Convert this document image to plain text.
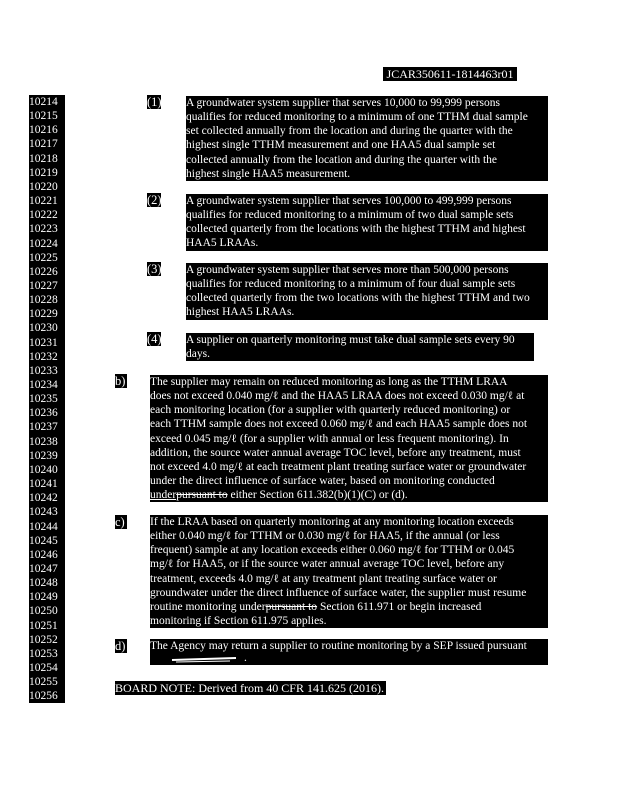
JCAR350611-1814463r01
10214
10215
10216
10217
10218
10219
10220
10221
10222
10223
10224
10225
10226
10227
10228
10229
10230
10231
10232
10233
10234
10235
10236
10237
10238
10239
10240
10241
10242
10243
10244
10245
10246
10247
10248
10249
10250
10251
10252
10253
10254
10255
10256
(1) A groundwater system supplier that serves 10,000 to 99,999 persons
qualifies for reduced monitoring to a minimum of one TTHM dual sample
set collected annually from the location and during the quarter with the
highest single TTHM measurement and one HAA5 dual sample set
collected annually from the location and during the quarter with the
highest single HAA5 measurement.
(2) A groundwater system supplier that serves 100,000 to 499,999 persons
qualifies for reduced monitoring to a minimum of two dual sample sets
collected quarterly from the locations with the highest TTHM and highest
HAA5 LRAAs.
(3) A groundwater system supplier that serves more than 500,000 persons
qualifies for reduced monitoring to a minimum of four dual sample sets
collected quarterly from the two locations with the highest TTHM and two
highest HAA5 LRAAs.
(4) A supplier on quarterly monitoring must take dual sample sets every 90
days.
b) The supplier may remain on reduced monitoring as long as the TTHM LRAA
does not exceed 0.040 mg/ℓ and the HAA5 LRAA does not exceed 0.030 mg/ℓ at
each monitoring location (for a supplier with quarterly reduced monitoring) or
each TTHM sample does not exceed 0.060 mg/ℓ and each HAA5 sample does not
exceed 0.045 mg/ℓ (for a supplier with annual or less frequent monitoring). In
addition, the source water annual average TOC level, before any treatment, must
not exceed 4.0 mg/ℓ at each treatment plant treating surface water or groundwater
under the direct influence of surface water, based on monitoring conducted
underpursuant to either Section 611.382(b)(1)(C) or (d).
c) If the LRAA based on quarterly monitoring at any monitoring location exceeds
either 0.040 mg/ℓ for TTHM or 0.030 mg/ℓ for HAA5, if the annual (or less
frequent) sample at any location exceeds either 0.060 mg/ℓ for TTHM or 0.045
mg/ℓ for HAA5, or if the source water annual average TOC level, before any
treatment, exceeds 4.0 mg/ℓ at any treatment plant treating surface water or
groundwater under the direct influence of surface water, the supplier must resume
routine monitoring underpursuant to Section 611.971 or begin increased
monitoring if Section 611.975 applies.
d) The Agency may return a supplier to routine monitoring by a SEP issued pursuant
.
BOARD NOTE: Derived from 40 CFR 141.625 (2016).
